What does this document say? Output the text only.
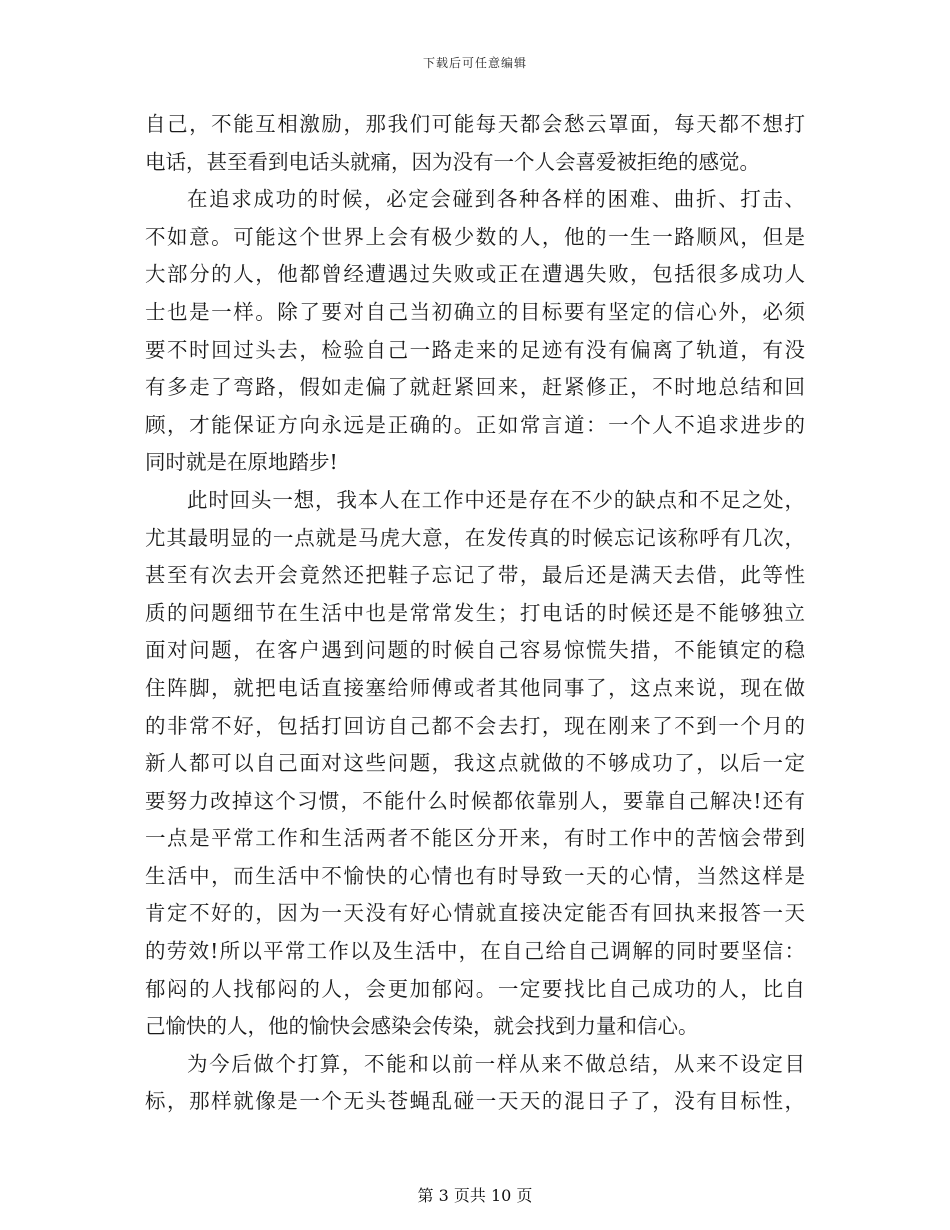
下载后可任意编辑
自己，不能互相激励，那我们可能每天都会愁云罩面，每天都不想打
电话，甚至看到电话头就痛，因为没有一个人会喜爱被拒绝的感觉。
在追求成功的时候，必定会碰到各种各样的困难、曲折、打击、
不如意。可能这个世界上会有极少数的人，他的一生一路顺风，但是
大部分的人，他都曾经遭遇过失败或正在遭遇失败，包括很多成功人
士也是一样。除了要对自己当初确立的目标要有坚定的信心外，必须
要不时回过头去，检验自己一路走来的足迹有没有偏离了轨道，有没
有多走了弯路，假如走偏了就赶紧回来，赶紧修正，不时地总结和回
顾，才能保证方向永远是正确的。正如常言道：一个人不追求进步的
同时就是在原地踏步!
此时回头一想，我本人在工作中还是存在不少的缺点和不足之处，
尤其最明显的一点就是马虎大意，在发传真的时候忘记该称呼有几次，
甚至有次去开会竟然还把鞋子忘记了带，最后还是满天去借，此等性
质的问题细节在生活中也是常常发生；打电话的时候还是不能够独立
面对问题，在客户遇到问题的时候自己容易惊慌失措，不能镇定的稳
住阵脚，就把电话直接塞给师傅或者其他同事了，这点来说，现在做
的非常不好，包括打回访自己都不会去打，现在刚来了不到一个月的
新人都可以自己面对这些问题，我这点就做的不够成功了，以后一定
要努力改掉这个习惯，不能什么时候都依靠别人，要靠自己解决!还有
一点是平常工作和生活两者不能区分开来，有时工作中的苦恼会带到
生活中，而生活中不愉快的心情也有时导致一天的心情，当然这样是
肯定不好的，因为一天没有好心情就直接决定能否有回执来报答一天
的劳效!所以平常工作以及生活中，在自己给自己调解的同时要坚信：
郁闷的人找郁闷的人，会更加郁闷。一定要找比自己成功的人，比自
己愉快的人，他的愉快会感染会传染，就会找到力量和信心。
为今后做个打算，不能和以前一样从来不做总结，从来不设定目
标，那样就像是一个无头苍蝇乱碰一天天的混日子了，没有目标性，
第 3 页共 10 页
